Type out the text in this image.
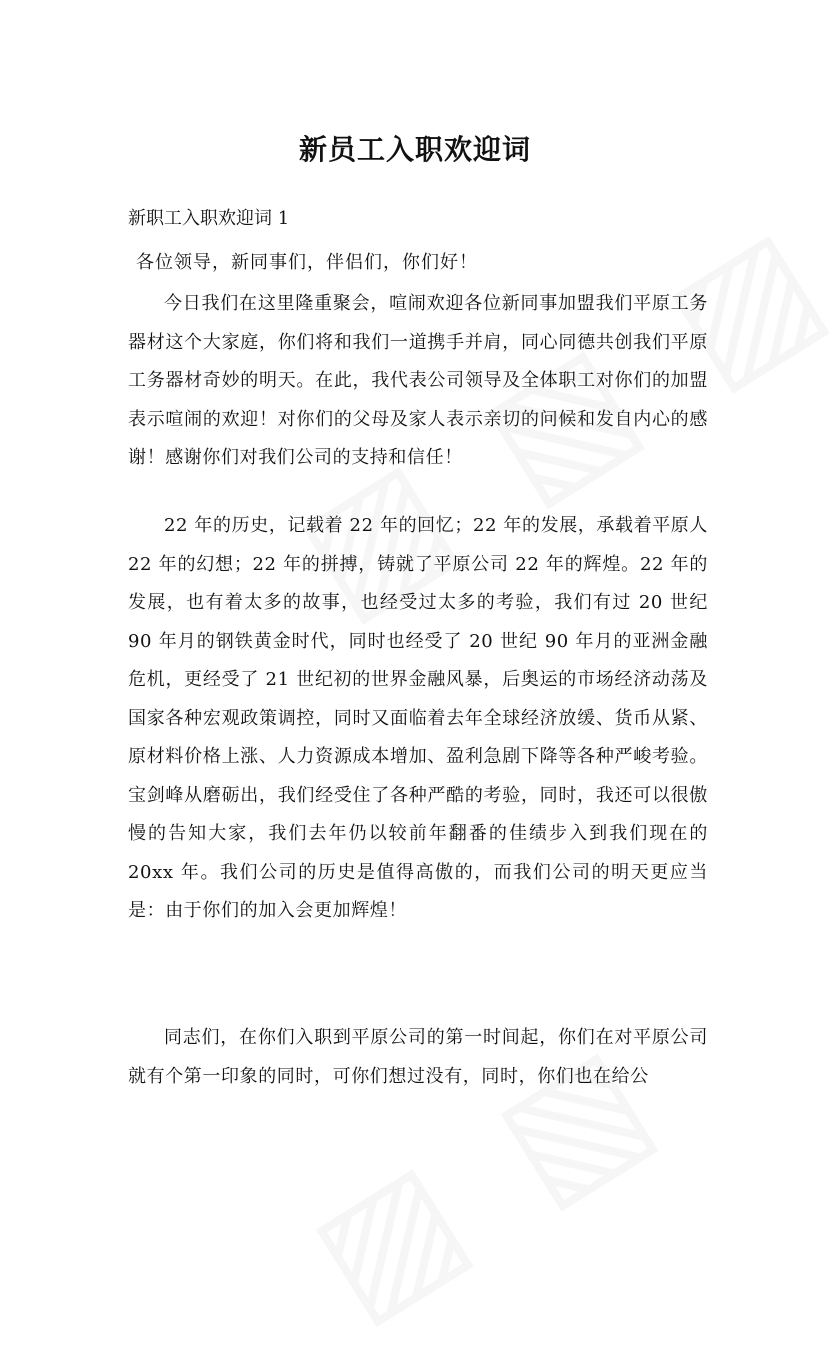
新员工入职欢迎词

新职工入职欢迎词 1

各位领导，新同事们，伴侣们，你们好！

今日我们在这里隆重聚会，喧闹欢迎各位新同事加盟我们平原工务器材这个大家庭，你们将和我们一道携手并肩，同心同德共创我们平原工务器材奇妙的明天。在此，我代表公司领导及全体职工对你们的加盟表示喧闹的欢迎！对你们的父母及家人表示亲切的问候和发自内心的感谢！感谢你们对我们公司的支持和信任！

22 年的历史，记载着 22 年的回忆；22 年的发展，承载着平原人 22 年的幻想；22 年的拼搏，铸就了平原公司 22 年的辉煌。22 年的发展，也有着太多的故事，也经受过太多的考验，我们有过 20 世纪 90 年月的钢铁黄金时代，同时也经受了 20 世纪 90 年月的亚洲金融危机，更经受了 21 世纪初的世界金融风暴，后奥运的市场经济动荡及国家各种宏观政策调控，同时又面临着去年全球经济放缓、货币从紧、原材料价格上涨、人力资源成本增加、盈利急剧下降等各种严峻考验。宝剑峰从磨砺出，我们经受住了各种严酷的考验，同时，我还可以很傲慢的告知大家，我们去年仍以较前年翻番的佳绩步入到我们现在的 20xx 年。我们公司的历史是值得高傲的，而我们公司的明天更应当是：由于你们的加入会更加辉煌！

同志们，在你们入职到平原公司的第一时间起，你们在对平原公司就有个第一印象的同时，可你们想过没有，同时，你们也在给公
